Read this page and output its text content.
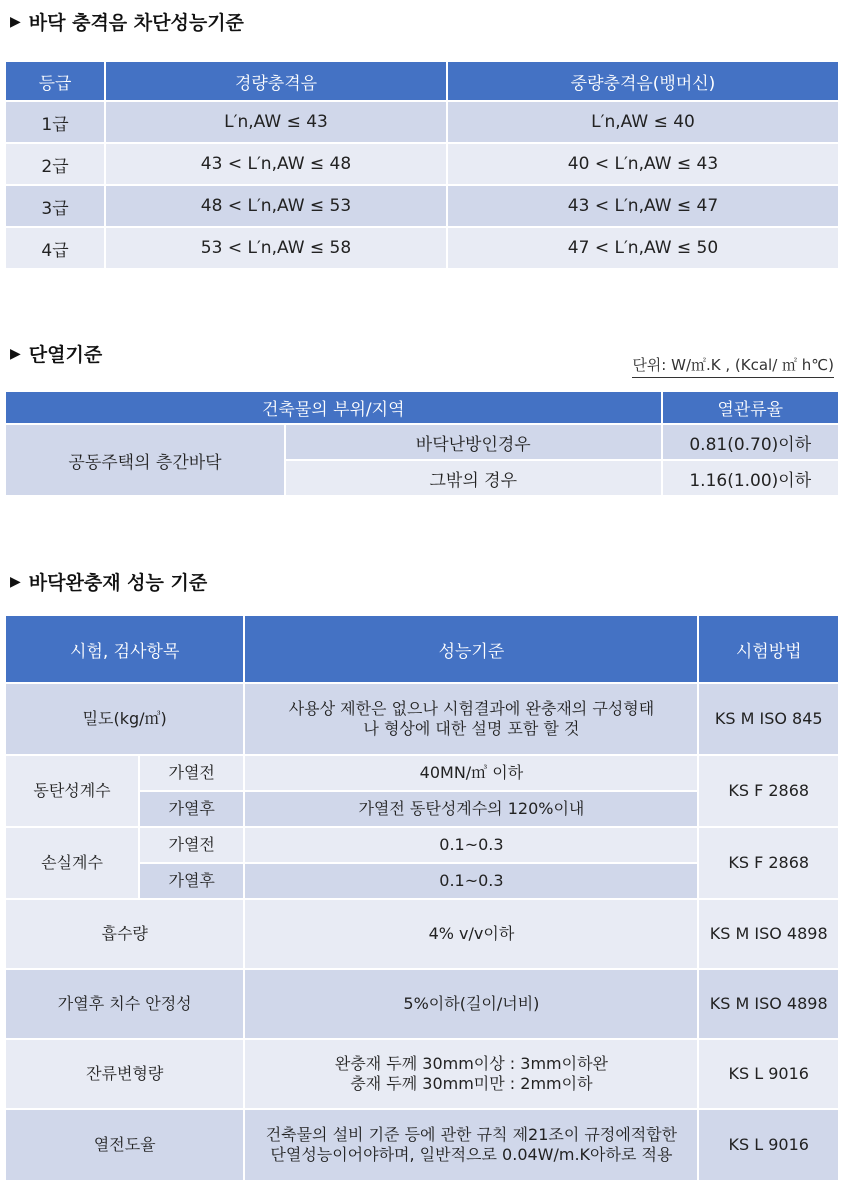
▶ 바닥 충격음 차단성능기준
등급	경량충격음	중량충격음(뱅머신)
1급	L′n,AW ≤ 43	L′n,AW ≤ 40
2급	43 < L′n,AW ≤ 48	40 < L′n,AW ≤ 43
3급	48 < L′n,AW ≤ 53	43 < L′n,AW ≤ 47
4급	53 < L′n,AW ≤ 58	47 < L′n,AW ≤ 50
▶ 단열기준	단위: W/㎡.K , (Kcal/ ㎡ h℃)
건축물의 부위/지역		열관류율
공동주택의 층간바닥	바닥난방인경우	0.81(0.70)이하
	그밖의 경우	1.16(1.00)이하
▶ 바닥완충재 성능 기준
시험, 검사항목		성능기준	시험방법
밀도(kg/㎥)		사용상 제한은 없으나 시험결과에 완충재의 구성형태
나 형상에 대한 설명 포함 할 것	KS M ISO 845
동탄성계수	가열전	40MN/㎥ 이하	KS F 2868
	가열후	가열전 동탄성계수의 120%이내	
손실계수	가열전	0.1~0.3	KS F 2868
	가열후	0.1~0.3	
흡수량		4% v/v이하	KS M ISO 4898
가열후 치수 안정성		5%이하(길이/너비)	KS M ISO 4898
잔류변형량		완충재 두께 30mm이상 : 3mm이하완
충재 두께 30mm미만 : 2mm이하	KS L 9016
열전도율		건축물의 설비 기준 등에 관한 규칙 제21조이 규정에적합한
단열성능이어야하며, 일반적으로 0.04W/m.K아하로 적용	KS L 9016
